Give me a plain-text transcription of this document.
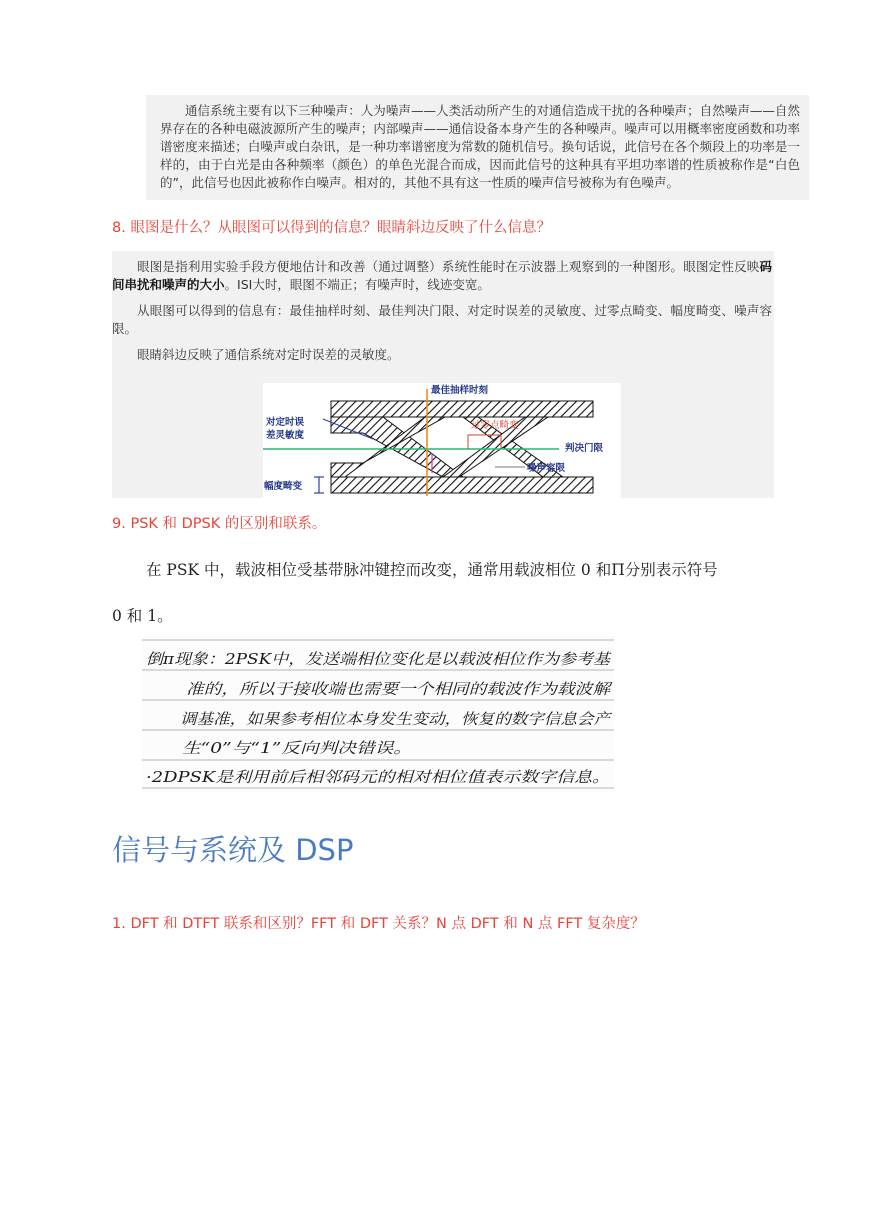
通信系统主要有以下三种噪声：人为噪声——人类活动所产生的对通信造成干扰的各种噪声；自然噪声——自然界存在的各种电磁波源所产生的噪声；内部噪声——通信设备本身产生的各种噪声。噪声可以用概率密度函数和功率谱密度来描述；白噪声或白杂讯，是一种功率谱密度为常数的随机信号。换句话说，此信号在各个频段上的功率是一样的，由于白光是由各种频率（颜色）的单色光混合而成，因而此信号的这种具有平坦功率谱的性质被称作是“白色的”，此信号也因此被称作白噪声。相对的，其他不具有这一性质的噪声信号被称为有色噪声。
8. 眼图是什么？从眼图可以得到的信息？眼睛斜边反映了什么信息？

眼图是指利用实验手段方便地估计和改善（通过调整）系统性能时在示波器上观察到的一种图形。眼图定性反映码间串扰和噪声的大小。ISI大时，眼图不端正；有噪声时，线迹变宽。

从眼图可以得到的信息有：最佳抽样时刻、最佳判决门限、对定时误差的灵敏度、过零点畸变、幅度畸变、噪声容限。

眼睛斜边反映了通信系统对定时误差的灵敏度。

最佳抽样时刻
对定时误
差灵敏度
过零点畸变
判决门限
噪声容限
幅度畸变
9. PSK 和 DPSK 的区别和联系。
在 PSK 中，载波相位受基带脉冲键控而改变，通常用载波相位 0 和Π分别表示符号
0 和 1。
倒π现象：2PSK中，发送端相位变化是以载波相位作为参考基
准的，所以于接收端也需要一个相同的载波作为载波解
调基准，如果参考相位本身发生变动，恢复的数字信息会产
生“0”与“1”反向判决错误。
·2DPSK是利用前后相邻码元的相对相位值表示数字信息。
信号与系统及 DSP
1. DFT 和 DTFT 联系和区别？FFT 和 DFT 关系？N 点 DFT 和 N 点 FFT 复杂度？
